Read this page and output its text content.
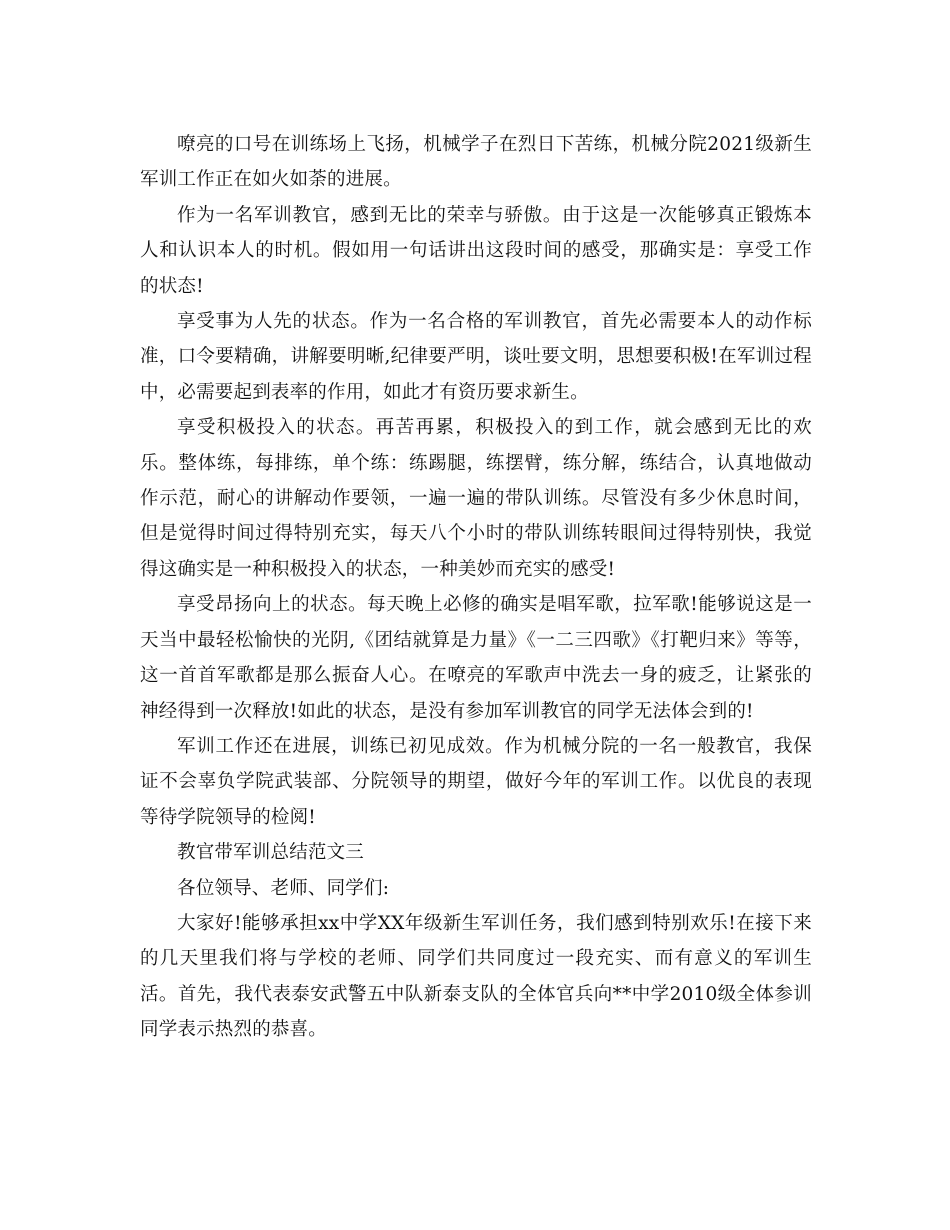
嘹亮的口号在训练场上飞扬，机械学子在烈日下苦练，机械分院2021级新生军训工作正在如火如荼的进展。

作为一名军训教官，感到无比的荣幸与骄傲。由于这是一次能够真正锻炼本人和认识本人的时机。假如用一句话讲出这段时间的感受，那确实是：享受工作的状态!

享受事为人先的状态。作为一名合格的军训教官，首先必需要本人的动作标准，口令要精确，讲解要明晰,纪律要严明，谈吐要文明，思想要积极!在军训过程中，必需要起到表率的作用，如此才有资历要求新生。

享受积极投入的状态。再苦再累，积极投入的到工作，就会感到无比的欢乐。整体练，每排练，单个练：练踢腿，练摆臂，练分解，练结合，认真地做动作示范，耐心的讲解动作要领，一遍一遍的带队训练。尽管没有多少休息时间，但是觉得时间过得特别充实，每天八个小时的带队训练转眼间过得特别快，我觉得这确实是一种积极投入的状态，一种美妙而充实的感受!

享受昂扬向上的状态。每天晚上必修的确实是唱军歌，拉军歌!能够说这是一天当中最轻松愉快的光阴,《团结就算是力量》《一二三四歌》《打靶归来》等等，这一首首军歌都是那么振奋人心。在嘹亮的军歌声中洗去一身的疲乏，让紧张的神经得到一次释放!如此的状态，是没有参加军训教官的同学无法体会到的!

军训工作还在进展，训练已初见成效。作为机械分院的一名一般教官，我保证不会辜负学院武装部、分院领导的期望，做好今年的军训工作。以优良的表现等待学院领导的检阅!

教官带军训总结范文三

各位领导、老师、同学们:

大家好!能够承担xx中学XX年级新生军训任务，我们感到特别欢乐!在接下来的几天里我们将与学校的老师、同学们共同度过一段充实、而有意义的军训生活。首先，我代表泰安武警五中队新泰支队的全体官兵向**中学2010级全体参训同学表示热烈的恭喜。
